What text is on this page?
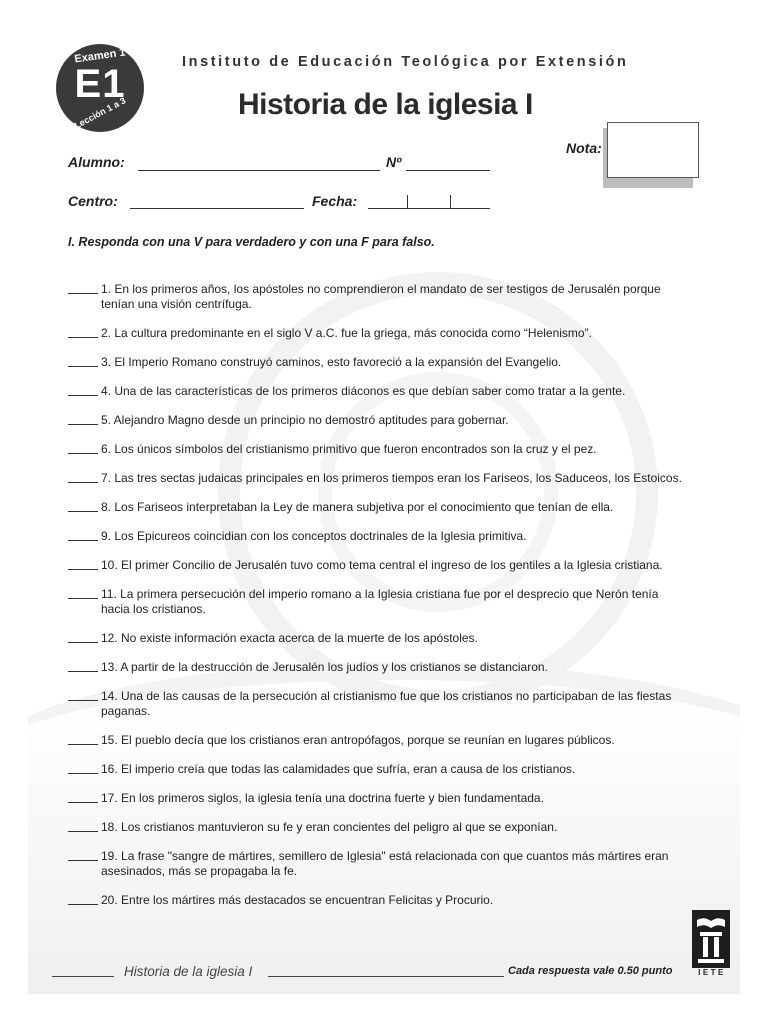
Examen 1
E1
Lección 1 a 3
Instituto de Educación Teológica por Extensión
Historia de la iglesia I
Nota:
Alumno:	Nº
Centro:	Fecha:
I. Responda con una V para verdadero y con una F para falso.
1. En los primeros años, los apóstoles no comprendieron el mandato de ser testigos de Jerusalén porque tenían una visión centrífuga.
2. La cultura predominante en el siglo V a.C. fue la griega, más conocida como “Helenismo”.
3. El Imperio Romano construyó caminos, esto favoreció a la expansión del Evangelio.
4. Una de las características de los primeros diáconos es que debían saber como tratar a la gente.
5. Alejandro Magno desde un principio no demostró aptitudes para gobernar.
6. Los únicos símbolos del cristianismo primitivo que fueron encontrados son la cruz y el pez.
7. Las tres sectas judaicas principales en los primeros tiempos eran los Fariseos, los Saduceos, los Estoicos.
8. Los Fariseos interpretaban la Ley de manera subjetiva por el conocimiento que tenían de ella.
9. Los Epicureos coincidian con los conceptos doctrinales de la Iglesia primitiva.
10. El primer Concilio de Jerusalén tuvo como tema central el ingreso de los gentiles a la Iglesia cristiana.
11. La primera persecución del imperio romano a la Iglesia cristiana fue por el desprecio que Nerón tenía hacia los cristianos.
12. No existe información exacta acerca de la muerte de los apóstoles.
13. A partir de la destrucción de Jerusalén los judíos y los cristianos se distanciaron.
14. Una de las causas de la persecución al cristianismo fue que los cristianos no participaban de las fiestas paganas.
15. El pueblo decía que los cristianos eran antropófagos, porque se reunían en lugares públicos.
16. El imperio creía que todas las calamidades que sufría, eran a causa de los cristianos.
17. En los primeros siglos, la iglesia tenía una doctrina fuerte y bien fundamentada.
18. Los cristianos mantuvieron su fe y eran concientes del peligro al que se exponían.
19. La frase "sangre de mártires, semillero de Iglesia" está relacionada con que cuantos más mártires eran asesinados, más se propagaba la fe.
20. Entre los mártires más destacados se encuentran Felicitas y Procurio.
Historia de la iglesia I	Cada respuesta vale 0.50 punto	IETE
